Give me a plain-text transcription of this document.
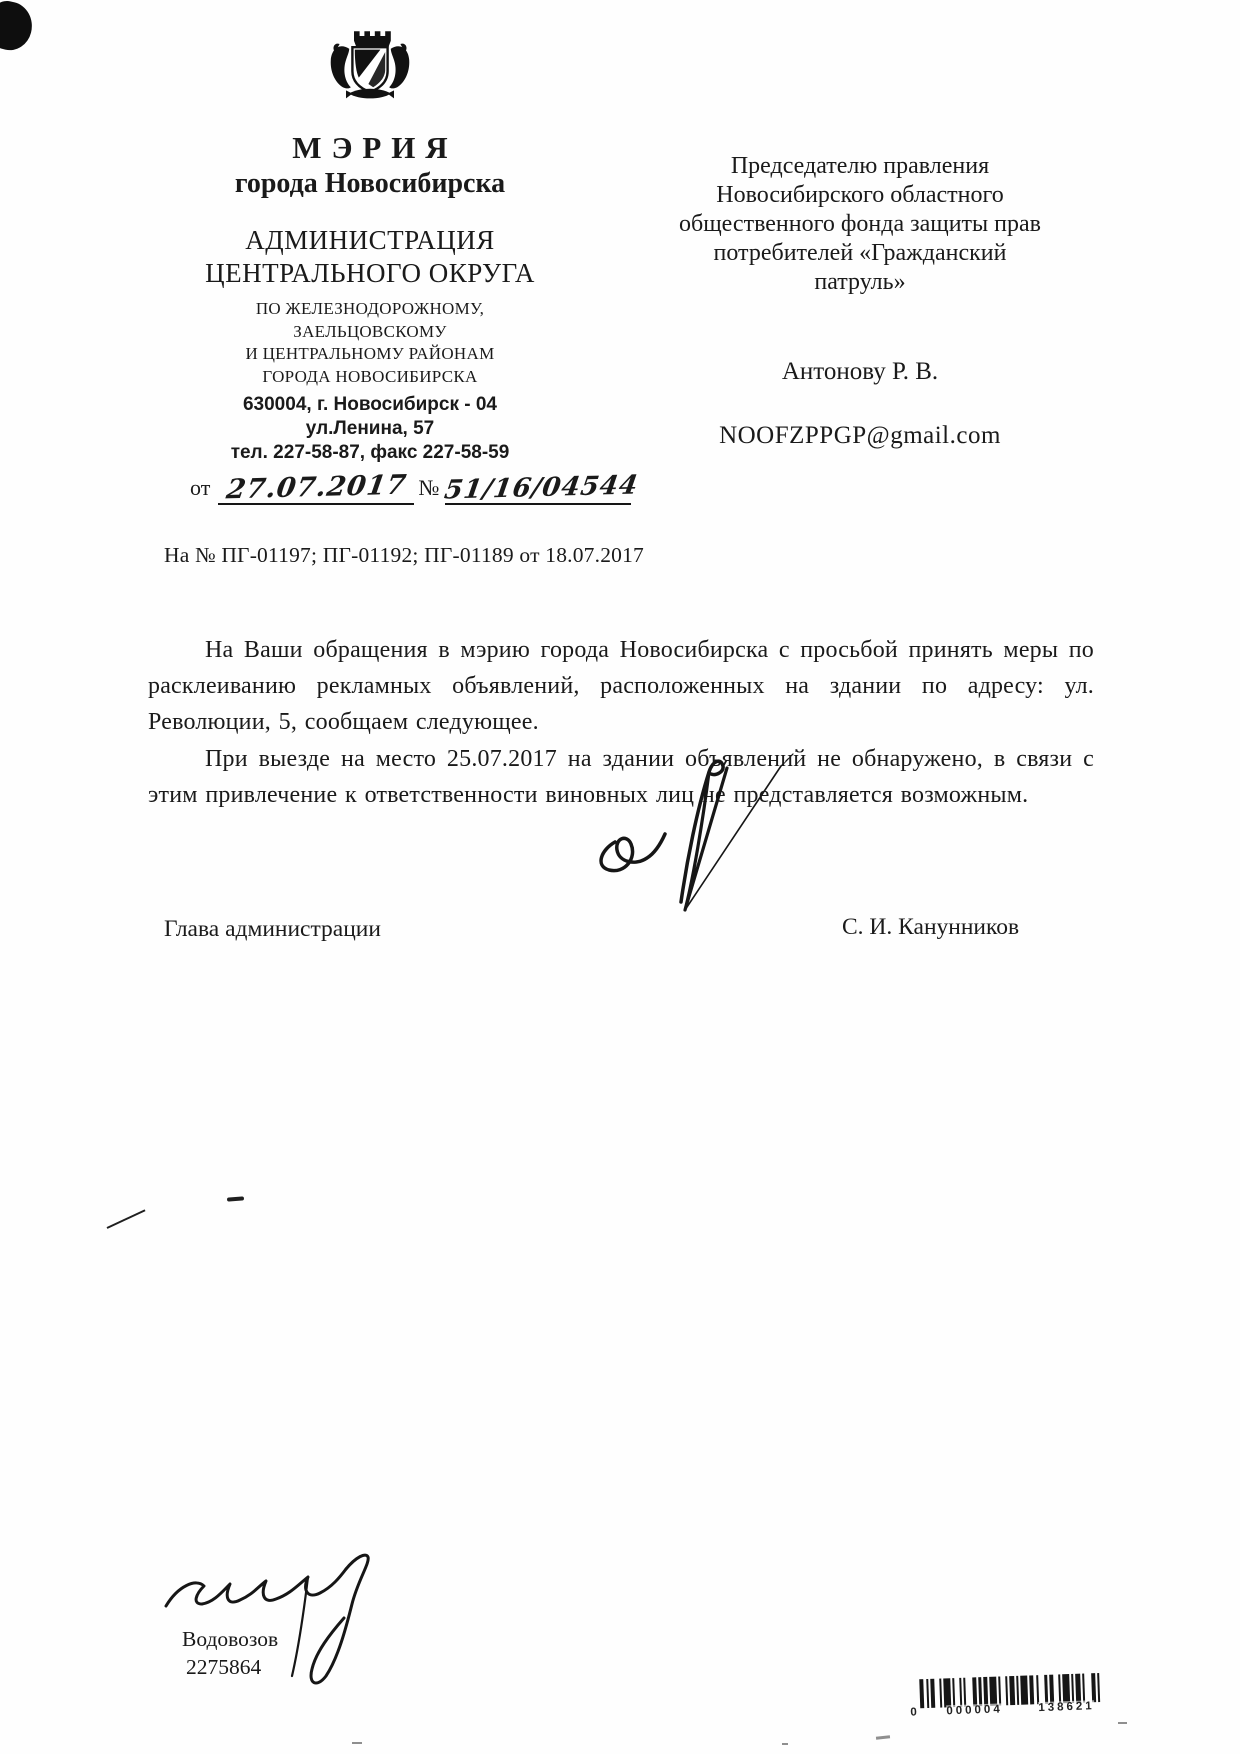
МЭРИЯ
города Новосибирска
АДМИНИСТРАЦИЯ
ЦЕНТРАЛЬНОГО ОКРУГА
ПО ЖЕЛЕЗНОДОРОЖНОМУ,
ЗАЕЛЬЦОВСКОМУ
И ЦЕНТРАЛЬНОМУ РАЙОНАМ
ГОРОДА НОВОСИБИРСКА
630004, г. Новосибирск - 04
ул.Ленина, 57
тел. 227-58-87, факс 227-58-59
от 27.07.2017 № 51/16/04544
На № ПГ-01197; ПГ-01192; ПГ-01189 от 18.07.2017
Председателю правления
Новосибирского областного
общественного фонда защиты прав
потребителей «Гражданский
патруль»
Антонову Р. В.
NOOFZPPGP@gmail.com

На Ваши обращения в мэрию города Новосибирска с просьбой принять меры по расклеиванию рекламных объявлений, расположенных на здании по адресу: ул. Революции, 5, сообщаем следующее.

При выезде на место 25.07.2017 на здании объявлений не обнаружено, в связи с этим привлечение к ответственности виновных лиц не представляется возможным.

Глава администрации	С. И. Канунников
Водовозов
2275864
0 000004	138621
